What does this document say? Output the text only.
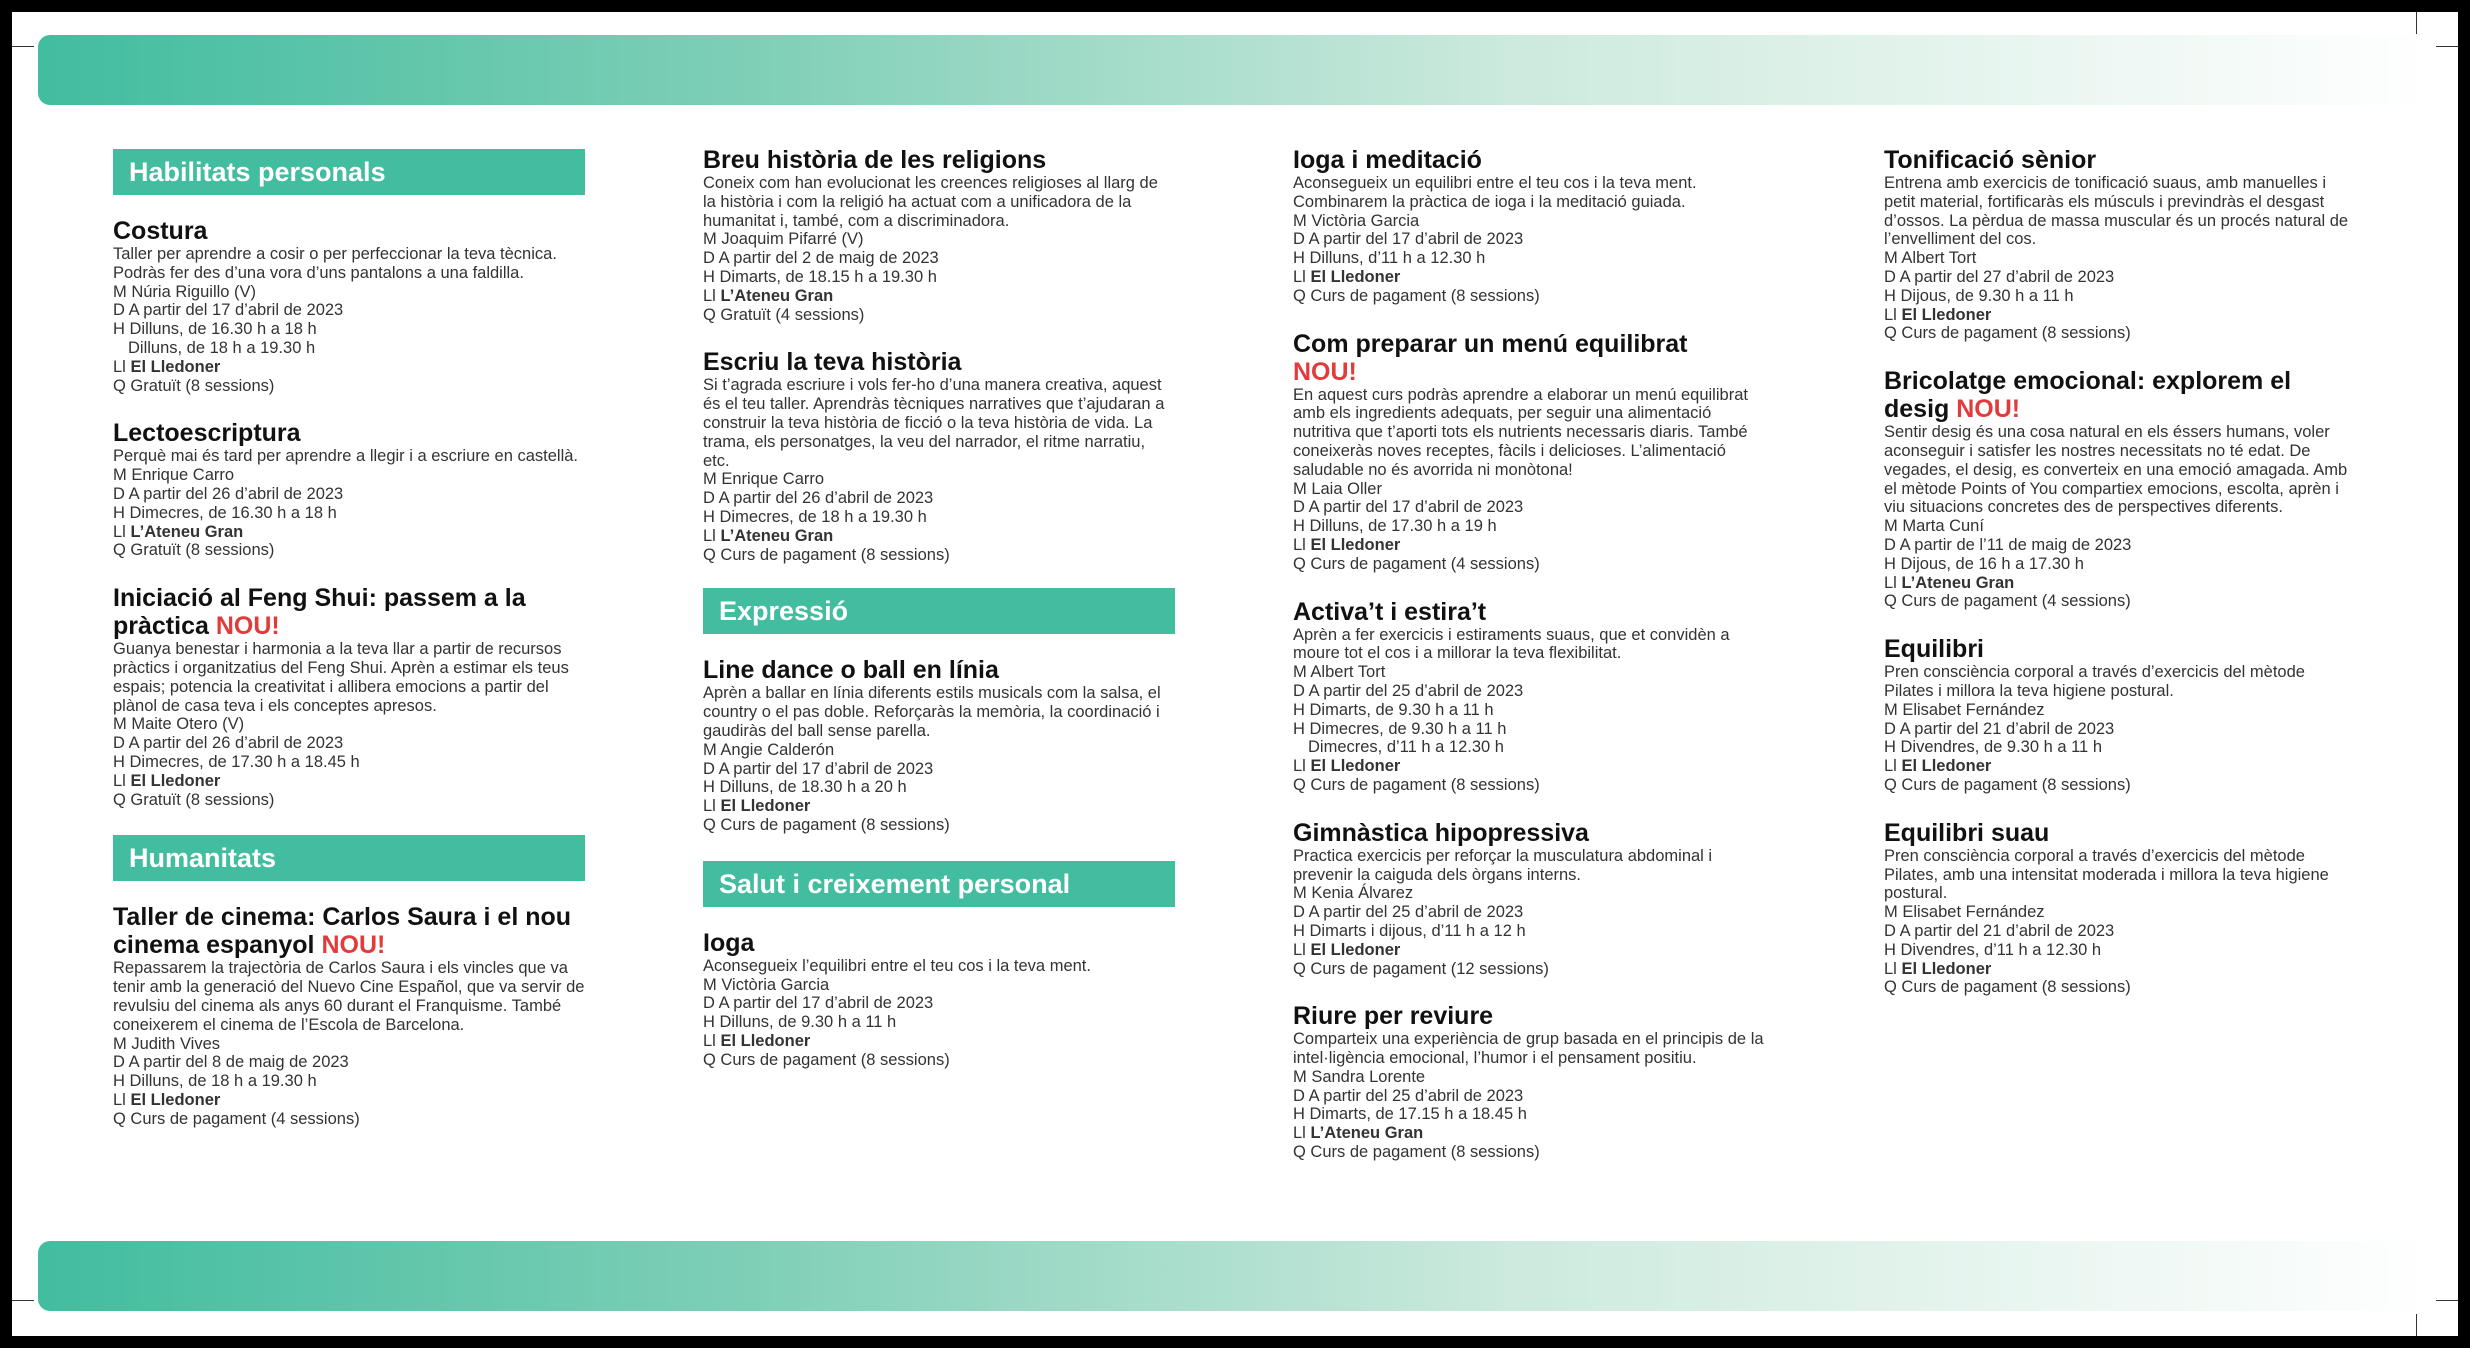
Habilitats personals

Costura

Taller per aprendre a cosir o per perfeccionar la teva tècnica. Podràs fer des d’una vora d’uns pantalons a una faldilla.

M Núria Riguillo (V)

D A partir del 17 d’abril de 2023

H Dilluns, de 16.30 h a 18 h

Dilluns, de 18 h a 19.30 h

Ll El Lledoner

Q Gratuït (8 sessions)

Lectoescriptura

Perquè mai és tard per aprendre a llegir i a escriure en castellà.

M Enrique Carro

D A partir del 26 d’abril de 2023

H Dimecres, de 16.30 h a 18 h

Ll L’Ateneu Gran

Q Gratuït (8 sessions)

Iniciació al Feng Shui: passem a la pràctica NOU!

Guanya benestar i harmonia a la teva llar a partir de recursos pràctics i organitzatius del Feng Shui. Aprèn a estimar els teus espais; potencia la creativitat i allibera emocions a partir del plànol de casa teva i els conceptes apresos.

M Maite Otero (V)

D A partir del 26 d’abril de 2023

H Dimecres, de 17.30 h a 18.45 h

Ll El Lledoner

Q Gratuït (8 sessions)

Humanitats

Taller de cinema: Carlos Saura i el nou cinema espanyol NOU!

Repassarem la trajectòria de Carlos Saura i els vincles que va tenir amb la generació del Nuevo Cine Español, que va servir de revulsiu del cinema als anys 60 durant el Franquisme. També coneixerem el cinema de l’Escola de Barcelona.

M Judith Vives

D A partir del 8 de maig de 2023

H Dilluns, de 18 h a 19.30 h

Ll El Lledoner

Q Curs de pagament (4 sessions)

Breu història de les religions

Coneix com han evolucionat les creences religioses al llarg de la història i com la religió ha actuat com a unificadora de la humanitat i, també, com a discriminadora.

M Joaquim Pifarré (V)

D A partir del 2 de maig de 2023

H Dimarts, de 18.15 h a 19.30 h

Ll L’Ateneu Gran

Q Gratuït (4 sessions)

Escriu la teva història

Si t’agrada escriure i vols fer-ho d’una manera creativa, aquest és el teu taller. Aprendràs tècniques narratives que t’ajudaran a construir la teva història de ficció o la teva història de vida. La trama, els personatges, la veu del narrador, el ritme narratiu, etc.

M Enrique Carro

D A partir del 26 d’abril de 2023

H Dimecres, de 18 h a 19.30 h

Ll L’Ateneu Gran

Q Curs de pagament (8 sessions)

Expressió

Line dance o ball en línia

Aprèn a ballar en línia diferents estils musicals com la salsa, el country o el pas doble. Reforçaràs la memòria, la coordinació i gaudiràs del ball sense parella.

M Angie Calderón

D A partir del 17 d’abril de 2023

H Dilluns, de 18.30 h a 20 h

Ll El Lledoner

Q Curs de pagament (8 sessions)

Salut i creixement personal

Ioga

Aconsegueix l’equilibri entre el teu cos i la teva ment.

M Victòria Garcia

D A partir del 17 d’abril de 2023

H Dilluns, de 9.30 h a 11 h

Ll El Lledoner

Q Curs de pagament (8 sessions)

Ioga i meditació

Aconsegueix un equilibri entre el teu cos i la teva ment. Combinarem la pràctica de ioga i la meditació guiada.

M Victòria Garcia

D A partir del 17 d’abril de 2023

H Dilluns, d’11 h a 12.30 h

Ll El Lledoner

Q Curs de pagament (8 sessions)

Com preparar un menú equilibrat

NOU!

En aquest curs podràs aprendre a elaborar un menú equilibrat amb els ingredients adequats, per seguir una alimentació nutritiva que t’aporti tots els nutrients necessaris diaris. També coneixeràs noves receptes, fàcils i delicioses. L’alimentació saludable no és avorrida ni monòtona!

M Laia Oller

D A partir del 17 d’abril de 2023

H Dilluns, de 17.30 h a 19 h

Ll El Lledoner

Q Curs de pagament (4 sessions)

Activa’t i estira’t

Aprèn a fer exercicis i estiraments suaus, que et convidèn a moure tot el cos i a millorar la teva flexibilitat.

M Albert Tort

D A partir del 25 d’abril de 2023

H Dimarts, de 9.30 h a 11 h

H Dimecres, de 9.30 h a 11 h

Dimecres, d’11 h a 12.30 h

Ll El Lledoner

Q Curs de pagament (8 sessions)

Gimnàstica hipopressiva

Practica exercicis per reforçar la musculatura abdominal i prevenir la caiguda dels òrgans interns.

M Kenia Álvarez

D A partir del 25 d’abril de 2023

H Dimarts i dijous, d’11 h a 12 h

Ll El Lledoner

Q Curs de pagament (12 sessions)

Riure per reviure

Comparteix una experiència de grup basada en el principis de la intel·ligència emocional, l’humor i el pensament positiu.

M Sandra Lorente

D A partir del 25 d’abril de 2023

H Dimarts, de 17.15 h a 18.45 h

Ll L’Ateneu Gran

Q Curs de pagament (8 sessions)

Tonificació sènior

Entrena amb exercicis de tonificació suaus, amb manuelles i petit material, fortificaràs els músculs i previndràs el desgast d’ossos. La pèrdua de massa muscular és un procés natural de l’envelliment del cos.

M Albert Tort

D A partir del 27 d’abril de 2023

H Dijous, de 9.30 h a 11 h

Ll El Lledoner

Q Curs de pagament (8 sessions)

Bricolatge emocional: explorem el desig NOU!

Sentir desig és una cosa natural en els éssers humans, voler aconseguir i satisfer les nostres necessitats no té edat. De vegades, el desig, es converteix en una emoció amagada. Amb el mètode Points of You compartiex emocions, escolta, aprèn i viu situacions concretes des de perspectives diferents.

M Marta Cuní

D A partir de l’11 de maig de 2023

H Dijous, de 16 h a 17.30 h

Ll L’Ateneu Gran

Q Curs de pagament (4 sessions)

Equilibri

Pren consciència corporal a través d’exercicis del mètode Pilates i millora la teva higiene postural.

M Elisabet Fernández

D A partir del 21 d’abril de 2023

H Divendres, de 9.30 h a 11 h

Ll El Lledoner

Q Curs de pagament (8 sessions)

Equilibri suau

Pren consciència corporal a través d’exercicis del mètode Pilates, amb una intensitat moderada i millora la teva higiene postural.

M Elisabet Fernández

D A partir del 21 d’abril de 2023

H Divendres, d’11 h a 12.30 h

Ll El Lledoner

Q Curs de pagament (8 sessions)
